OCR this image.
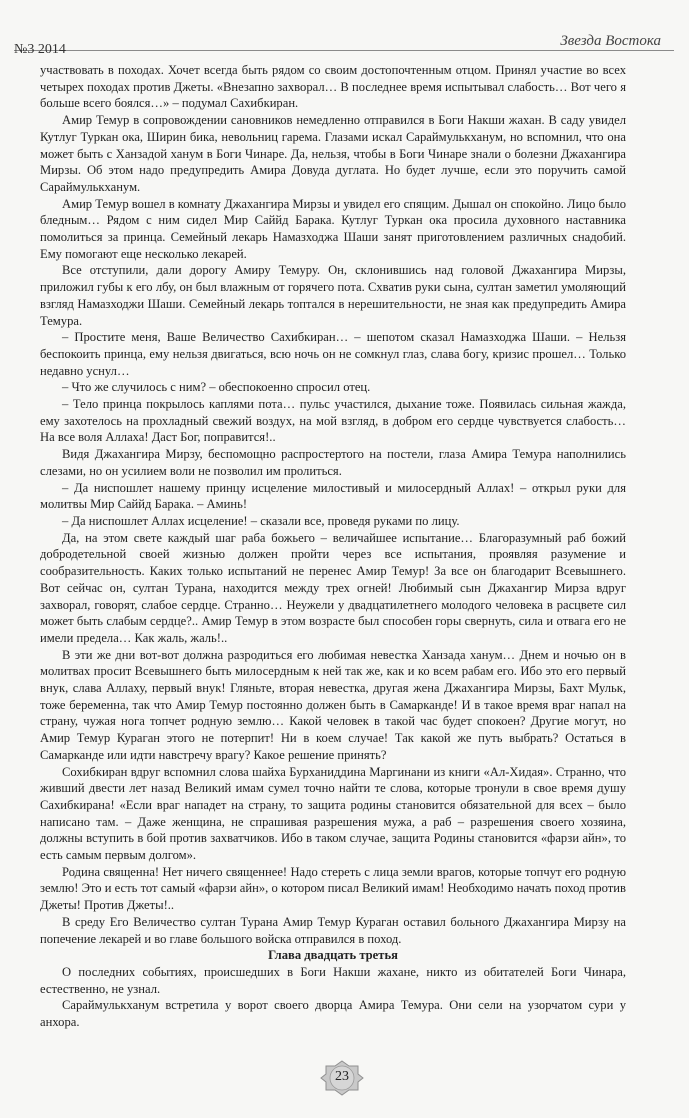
№3 2014
Звезда Востока

участвовать в походах. Хочет всегда быть рядом со своим достопочтенным отцом. Принял участие во всех четырех походах против Джеты. «Внезапно захворал… В последнее время испытывал слабость… Вот чего я больше всего боялся…» – подумал Сахибкиран.

Амир Темур в сопровождении сановников немедленно отправился в Боги Накши жахан. В саду увидел Кутлуг Туркан ока, Ширин бика, невольниц гарема. Глазами искал Сараймулькханум, но вспомнил, что она может быть с Ханзадой ханум в Боги Чинаре. Да, нельзя, чтобы в Боги Чинаре знали о болезни Джахангира Мирзы. Об этом надо предупредить Амира Довуда дуглата. Но будет лучше, если это поручить самой Сараймулькханум.

Амир Темур вошел в комнату Джахангира Мирзы и увидел его спящим. Дышал он спокойно. Лицо было бледным… Рядом с ним сидел Мир Саййд Барака. Кутлуг Туркан ока просила духовного наставника помолиться за принца. Семейный лекарь Намазходжа Шаши занят приготовлением различных снадобий. Ему помогают еще несколько лекарей.

Все отступили, дали дорогу Амиру Темуру. Он, склонившись над головой Джахангира Мирзы, приложил губы к его лбу, он был влажным от горячего пота. Схватив руки сына, султан заметил умоляющий взгляд Намазходжи Шаши. Семейный лекарь топтался в нерешительности, не зная как предупредить Амира Темура.

– Простите меня, Ваше Величество Сахибкиран… – шепотом сказал Намазходжа Шаши. – Нельзя беспокоить принца, ему нельзя двигаться, всю ночь он не сомкнул глаз, слава богу, кризис прошел… Только недавно уснул…

– Что же случилось с ним? – обеспокоенно спросил отец.

– Тело принца покрылось каплями пота… пульс участился, дыхание тоже. Появилась сильная жажда, ему захотелось на прохладный свежий воздух, на мой взгляд, в добром его сердце чувствуется слабость… На все воля Аллаха! Даст Бог, поправится!..

Видя Джахангира Мирзу, беспомощно распростертого на постели, глаза Амира Темура наполнились слезами, но он усилием воли не позволил им пролиться.

– Да ниспошлет нашему принцу исцеление милостивый и милосердный Аллах! – открыл руки для молитвы Мир Саййд Барака. – Аминь!

– Да ниспошлет Аллах исцеление! – сказали все, проведя руками по лицу.

Да, на этом свете каждый шаг раба божьего – величайшее испытание… Благоразумный раб божий добродетельной своей жизнью должен пройти через все испытания, проявляя разумение и сообразительность. Каких только испытаний не перенес Амир Темур! За все он благодарит Всевышнего. Вот сейчас он, султан Турана, находится между трех огней! Любимый сын Джахангир Мирза вдруг захворал, говорят, слабое сердце. Странно… Неужели у двадцатилетнего молодого человека в расцвете сил может быть слабым сердце?.. Амир Темур в этом возрасте был способен горы свернуть, сила и отвага его не имели предела… Как жаль, жаль!..

В эти же дни вот-вот должна разродиться его любимая невестка Ханзада ханум… Днем и ночью он в молитвах просит Всевышнего быть милосердным к ней так же, как и ко всем рабам его. Ибо это его первый внук, слава Аллаху, первый внук! Гляньте, вторая невестка, другая жена Джахангира Мирзы, Бахт Мульк, тоже беременна, так что Амир Темур постоянно должен быть в Самарканде! И в такое время враг напал на страну, чужая нога топчет родную землю… Какой человек в такой час будет спокоен? Другие могут, но Амир Темур Кураган этого не потерпит! Ни в коем случае! Так какой же путь выбрать? Остаться в Самарканде или идти навстречу врагу? Какое решение принять?

Сохибкиран вдруг вспомнил слова шайха Бурханиддина Маргинани из книги «Ал-Хидая». Странно, что живший двести лет назад Великий имам сумел точно найти те слова, которые тронули в свое время душу Сахибкирана! «Если враг нападет на страну, то защита родины становится обязательной для всех – было написано там. – Даже женщина, не спрашивая разрешения мужа, а раб – разрешения своего хозяина, должны вступить в бой против захватчиков. Ибо в таком случае, защита Родины становится «фарзи айн», то есть самым первым долгом».

Родина священна! Нет ничего священнее! Надо стереть с лица земли врагов, которые топчут его родную землю! Это и есть тот самый «фарзи айн», о котором писал Великий имам! Необходимо начать поход против Джеты! Против Джеты!..

В среду Его Величество султан Турана Амир Темур Кураган оставил больного Джахангира Мирзу на попечение лекарей и во главе большого войска отправился в поход.

Глава двадцать третья

О последних событиях, происшедших в Боги Накши жахане, никто из обитателей Боги Чинара, естественно, не узнал.

Сараймулькханум встретила у ворот своего дворца Амира Темура. Они сели на узорчатом сури у анхора.

23
